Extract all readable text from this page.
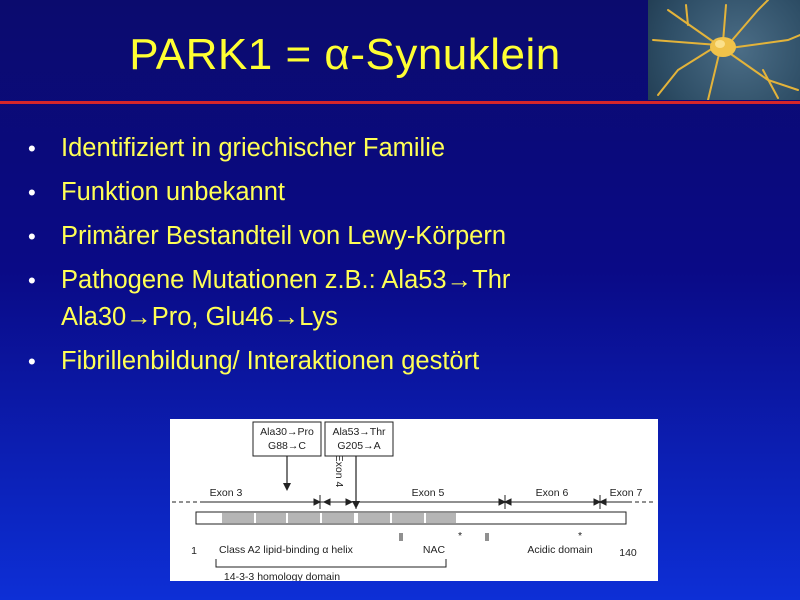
PARK1 = α-Synuklein
• Identifiziert in griechischer Familie
• Funktion unbekannt
• Primärer Bestandteil von Lewy-Körpern
• Pathogene Mutationen z.B.: Ala53→Thr
Ala30→Pro, Glu46→Lys
• Fibrillenbildung/ Interaktionen gestört
Ala30→Pro
G88→C
Ala53→Thr
G205→A
Exon 3
Exon 4
Exon 5	Exon 6	Exon 7
*	*
1 Class A2 lipid-binding α helix	NAC	Acidic domain	140
14-3-3 homology domain
